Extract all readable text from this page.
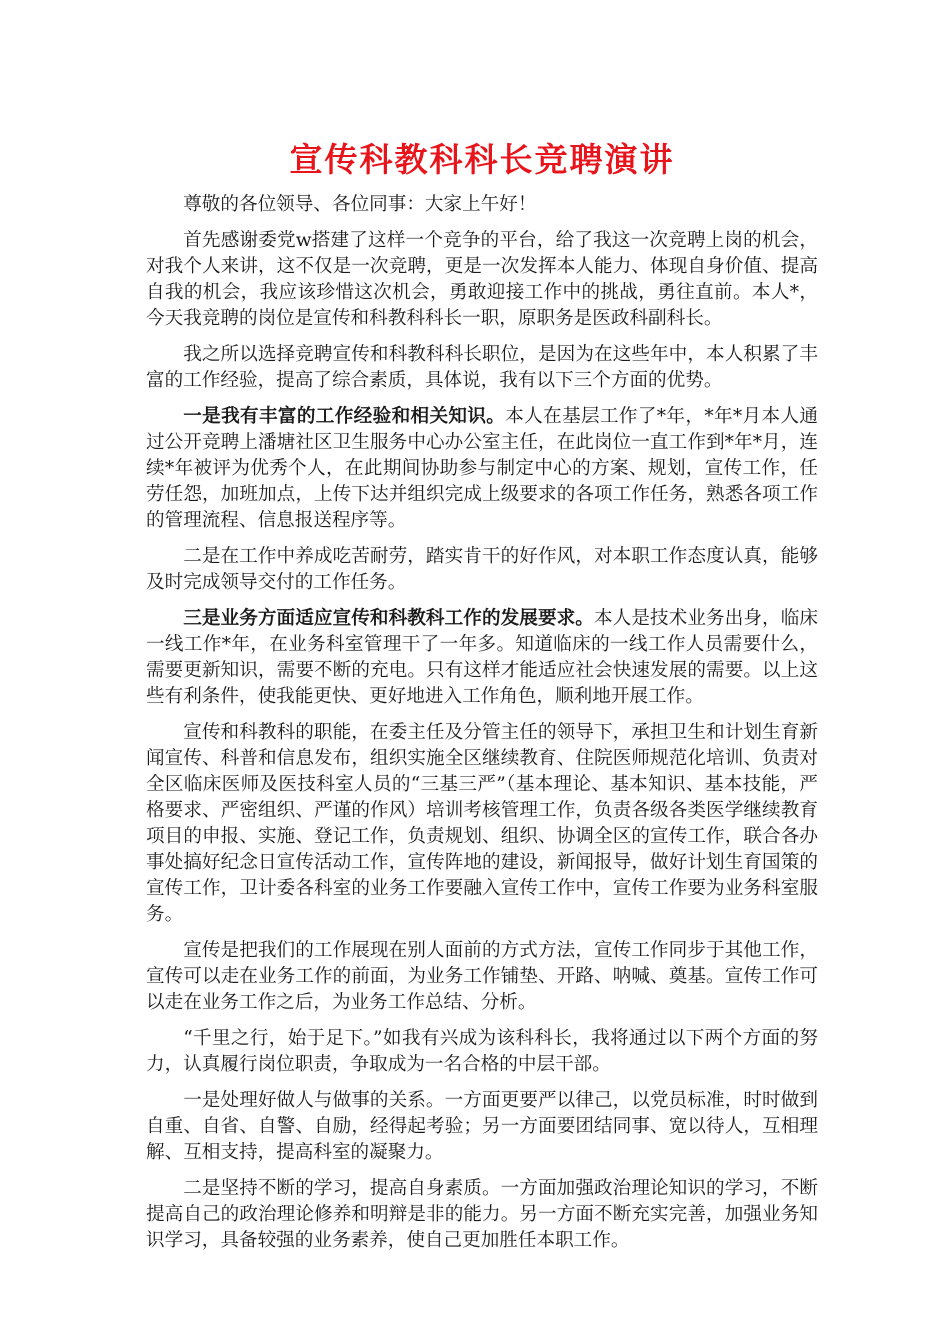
宣传科教科科长竞聘演讲

尊敬的各位领导、各位同事：大家上午好！

首先感谢委党w搭建了这样一个竞争的平台，给了我这一次竞聘上岗的机会，对我个人来讲，这不仅是一次竞聘，更是一次发挥本人能力、体现自身价值、提高自我的机会，我应该珍惜这次机会，勇敢迎接工作中的挑战，勇往直前。本人*，今天我竞聘的岗位是宣传和科教科科长一职，原职务是医政科副科长。

我之所以选择竞聘宣传和科教科科长职位，是因为在这些年中，本人积累了丰富的工作经验，提高了综合素质，具体说，我有以下三个方面的优势。

一是我有丰富的工作经验和相关知识。本人在基层工作了*年，*年*月本人通过公开竞聘上潘塘社区卫生服务中心办公室主任，在此岗位一直工作到*年*月，连续*年被评为优秀个人，在此期间协助参与制定中心的方案、规划，宣传工作，任劳任怨，加班加点，上传下达并组织完成上级要求的各项工作任务，熟悉各项工作的管理流程、信息报送程序等。

二是在工作中养成吃苦耐劳，踏实肯干的好作风，对本职工作态度认真，能够及时完成领导交付的工作任务。

三是业务方面适应宣传和科教科工作的发展要求。本人是技术业务出身，临床一线工作*年，在业务科室管理干了一年多。知道临床的一线工作人员需要什么，需要更新知识，需要不断的充电。只有这样才能适应社会快速发展的需要。以上这些有利条件，使我能更快、更好地进入工作角色，顺利地开展工作。

宣传和科教科的职能，在委主任及分管主任的领导下，承担卫生和计划生育新闻宣传、科普和信息发布，组织实施全区继续教育、住院医师规范化培训、负责对全区临床医师及医技科室人员的“三基三严”（基本理论、基本知识、基本技能，严格要求、严密组织、严谨的作风）培训考核管理工作，负责各级各类医学继续教育项目的申报、实施、登记工作，负责规划、组织、协调全区的宣传工作，联合各办事处搞好纪念日宣传活动工作，宣传阵地的建设，新闻报导，做好计划生育国策的宣传工作，卫计委各科室的业务工作要融入宣传工作中，宣传工作要为业务科室服务。

宣传是把我们的工作展现在别人面前的方式方法，宣传工作同步于其他工作，宣传可以走在业务工作的前面，为业务工作铺垫、开路、呐喊、奠基。宣传工作可以走在业务工作之后，为业务工作总结、分析。

“千里之行，始于足下。”如我有兴成为该科科长，我将通过以下两个方面的努力，认真履行岗位职责，争取成为一名合格的中层干部。

一是处理好做人与做事的关系。一方面更要严以律己，以党员标准，时时做到自重、自省、自警、自励，经得起考验；另一方面要团结同事、宽以待人，互相理解、互相支持，提高科室的凝聚力。

二是坚持不断的学习，提高自身素质。一方面加强政治理论知识的学习，不断提高自己的政治理论修养和明辩是非的能力。另一方面不断充实完善，加强业务知识学习，具备较强的业务素养，使自己更加胜任本职工作。
